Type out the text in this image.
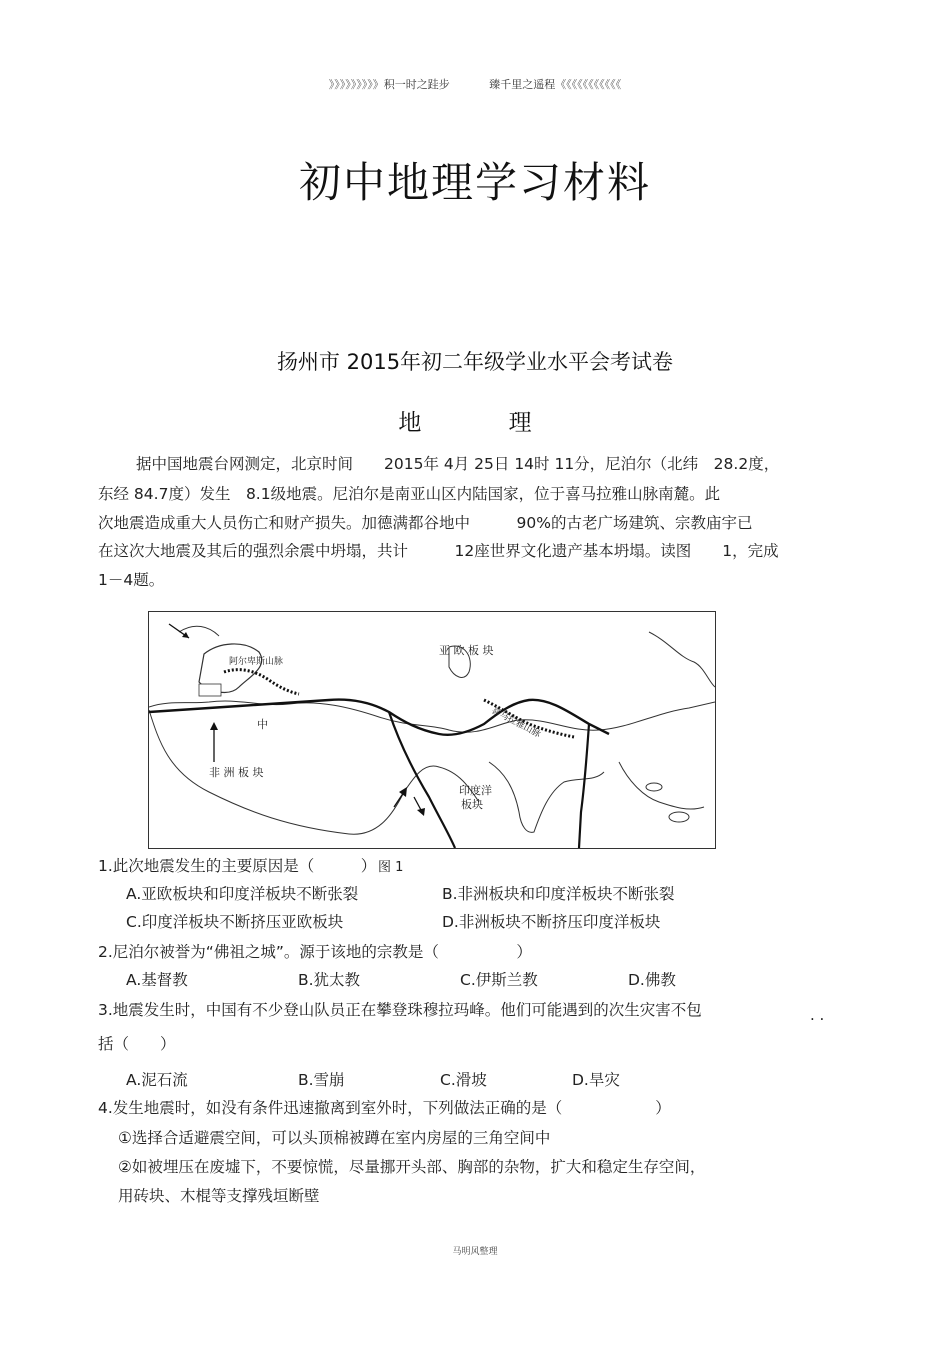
》》》》》》》》》积一时之跬步	臻千里之遥程《《《《《《《《《《《
初中地理学习材料
扬州市 2015年初二年级学业水平会考试卷
地 理
据中国地震台网测定，北京时间　　2015年 4月 25日 14时 11分，尼泊尔（北纬　28.2度，
东经 84.7度）发生　8.1级地震。尼泊尔是南亚山区内陆国家，位于喜马拉雅山脉南麓。此
次地震造成重大人员伤亡和财产损失。加德满都谷地中　　　90%的古老广场建筑、宗教庙宇已
在这次大地震及其后的强烈余震中坍塌，共计　　　12座世界文化遗产基本坍塌。读图　　1，完成
1－4题。
亚 欧 板 块
非 洲 板 块
印度洋
板块
阿尔卑斯山脉
喜马拉雅山脉
中
图 1
1.此次地震发生的主要原因是（　　　）
A.亚欧板块和印度洋板块不断张裂	B.非洲板块和印度洋板块不断张裂
C.印度洋板块不断挤压亚欧板块	D.非洲板块不断挤压印度洋板块
2.尼泊尔被誉为“佛祖之城”。源于该地的宗教是（　　　　　）
A.基督教	B.犹太教	C.伊斯兰教	D.佛教
3.地震发生时，中国有不少登山队员正在攀登珠穆拉玛峰。他们可能遇到的次生灾害不包	. .
括（　　）
A.泥石流	B.雪崩	C.滑坡	D.旱灾
4.发生地震时，如没有条件迅速撤离到室外时，下列做法正确的是（　　　　　　）
①选择合适避震空间，可以头顶棉被蹲在室内房屋的三角空间中
②如被埋压在废墟下，不要惊慌，尽量挪开头部、胸部的杂物，扩大和稳定生存空间，
用砖块、木棍等支撑残垣断壁
马明风整理
